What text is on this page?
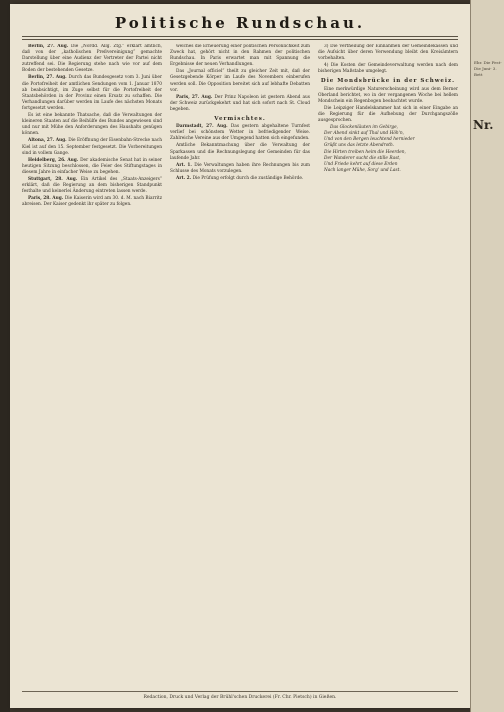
Politische Rundschau.

Berlin, 27. Aug. Die „Nordd. Allg. Ztg.“ erklärt amtlich, daß von der „katholischen Preßvereinigung“ gemachte Darstellung über eine Audienz der Vertreter der Partei nicht zutreffend sei. Die Regierung stehe nach wie vor auf dem Boden der bestehenden Gesetze.

Berlin, 27. Aug. Durch das Bundesgesetz vom 3. Juni über die Portofreiheit der amtlichen Sendungen vom 1. Januar 1870 ab beabsichtigt, im Zuge selbst für die Portofreiheit der Staatsbehörden in der Provinz einen Ersatz zu schaffen. Die Verhandlungen darüber werden im Laufe des nächsten Monats fortgesetzt werden.

Es ist eine bekannte Thatsache, daß die Verwaltungen der kleineren Staaten auf die Beihülfe des Bundes angewiesen sind und nur mit Mühe den Anforderungen des Haushalts genügen können.

Altona, 27. Aug. Die Eröffnung der Eisenbahn-Strecke nach Kiel ist auf den 15. September festgesetzt. Die Vorbereitungen sind in vollem Gange.

Heidelberg, 26. Aug. Der akademische Senat hat in seiner heutigen Sitzung beschlossen, die Feier des Stiftungstages in diesem Jahre in einfacher Weise zu begehen.

Stuttgart, 28. Aug. Ein Artikel des „Staats-Anzeigers“ erklärt, daß die Regierung an dem bisherigen Standpunkt festhalte und keinerlei Änderung eintreten lassen werde.

Paris, 28. Aug. Die Kaiserin wird am 30. d. M. nach Biarritz abreisen. Der Kaiser gedenkt ihr später zu folgen.

welches die Erneuerung einer politischen Persönlichkeit zum Zweck hat, gehört nicht in den Rahmen der politischen Rundschau. In Paris erwartet man mit Spannung die Ergebnisse der neuen Verhandlungen.

Das „Journal officiel“ theilt zu gleicher Zeit mit, daß der Gesetzgebende Körper im Laufe des Novembers einberufen werden soll. Die Opposition bereitet sich auf lebhafte Debatten vor.

Paris, 27. Aug. Der Prinz Napoleon ist gestern Abend aus der Schweiz zurückgekehrt und hat sich sofort nach St. Cloud begeben.

Vermischtes.

Darmstadt, 27. Aug. Das gestern abgehaltene Turnfest verlief bei schönstem Wetter in befriedigender Weise. Zahlreiche Vereine aus der Umgegend hatten sich eingefunden.

Amtliche Bekanntmachung über die Verwaltung der Sparkassen und die Rechnungslegung der Gemeinden für das laufende Jahr.

Art. 1. Die Verwaltungen haben ihre Rechnungen bis zum Schlusse des Monats vorzulegen.

Art. 2. Die Prüfung erfolgt durch die zuständige Behörde.

3) Die Vertheilung der Einnahmen der Gemeindekassen und die Aufsicht über deren Verwendung bleibt den Kreisämtern vorbehalten.

4) Die Kosten der Gemeindeverwaltung werden nach dem bisherigen Maßstabe umgelegt.

Die Mondsbrücke in der Schweiz.

Eine merkwürdige Naturerscheinung wird aus dem Berner Oberland berichtet, wo in der vergangenen Woche bei hellem Mondschein ein Regenbogen beobachtet wurde.

Die Leipziger Handelskammer hat sich in einer Eingabe an die Regierung für die Aufhebung der Durchgangszölle ausgesprochen.

Das Glockenläuten im Gebirge,
Der Abend sinkt auf Thal und Höh'n,
Und von den Bergen leuchtend hernieder
Grüßt uns das letzte Abendroth.
Die Hirten treiben heim die Heerden,
Der Wanderer sucht die stille Rast,
Und Friede kehrt auf diese Erden
Nach langer Mühe, Sorg' und Last.

Redaction, Druck und Verlag der Brühl'schen Druckerei (Fr. Chr. Pietsch) in Gießen.
Ebr. Die Fest- Die Juni- 3. Bett
Nr.
